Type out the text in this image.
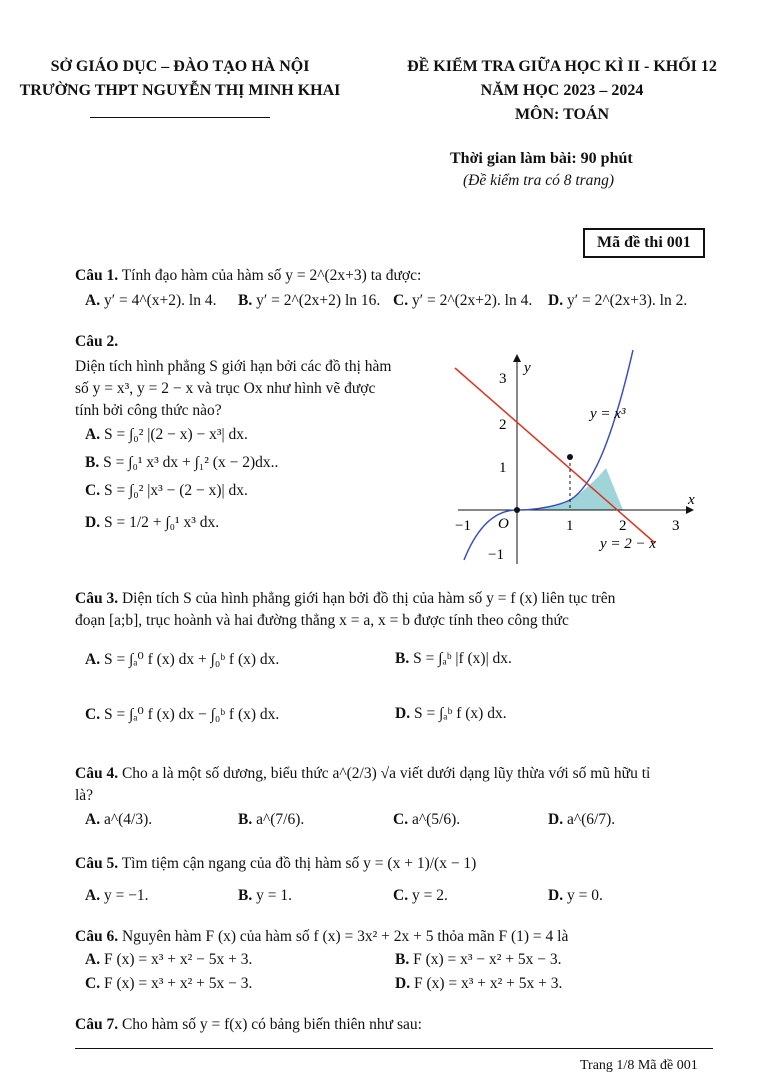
SỞ GIÁO DỤC – ĐÀO TẠO HÀ NỘI
TRƯỜNG THPT NGUYỄN THỊ MINH KHAI
ĐỀ KIỂM TRA GIỮA HỌC KÌ II - KHỐI 12
NĂM HỌC 2023 – 2024
MÔN: TOÁN
Thời gian làm bài: 90 phút
(Đề kiểm tra có 8 trang)
Mã đề thi 001
Câu 1. Tính đạo hàm của hàm số y = 2^(2x+3) ta được:
A. y′ = 4^(x+2). ln 4. B. y′ = 2^(2x+2) ln 16. C. y′ = 2^(2x+2). ln 4. D. y′ = 2^(2x+3). ln 2.
Câu 2.
Diện tích hình phẳng S giới hạn bởi các đồ thị hàm
số y = x³, y = 2 − x và trục Ox như hình vẽ được
tính bởi công thức nào?
A. S = ∫₀² |(2 − x) − x³| dx.
B. S = ∫₀¹ x³ dx + ∫₁² (x − 2)dx..
C. S = ∫₀² |x³ − (2 − x)| dx.
D. S = 1/2 + ∫₀¹ x³ dx.
x
y
O
−1	1	2	3
3
2
1
−1
y = x³
y = 2 − x
Câu 3. Diện tích S của hình phẳng giới hạn bởi đồ thị của hàm số y = f (x) liên tục trên
đoạn [a;b], trục hoành và hai đường thẳng x = a, x = b được tính theo công thức
A. S = ∫ₐ⁰ f (x) dx + ∫₀ᵇ f (x) dx.	B. S = ∫ₐᵇ |f (x)| dx.
C. S = ∫ₐ⁰ f (x) dx − ∫₀ᵇ f (x) dx.	D. S = ∫ₐᵇ f (x) dx.
Câu 4. Cho a là một số dương, biểu thức a^(2/3) √a viết dưới dạng lũy thừa với số mũ hữu tỉ
là?
A. a^(4/3).	B. a^(7/6).	C. a^(5/6).	D. a^(6/7).
Câu 5. Tìm tiệm cận ngang của đồ thị hàm số y = (x + 1)/(x − 1)
A. y = −1.	B. y = 1.	C. y = 2.	D. y = 0.
Câu 6. Nguyên hàm F (x) của hàm số f (x) = 3x² + 2x + 5 thỏa mãn F (1) = 4 là
A. F (x) = x³ + x² − 5x + 3.	B. F (x) = x³ − x² + 5x − 3.
C. F (x) = x³ + x² + 5x − 3.	D. F (x) = x³ + x² + 5x + 3.
Câu 7. Cho hàm số y = f(x) có bảng biến thiên như sau:
Trang 1/8 Mã đề 001
